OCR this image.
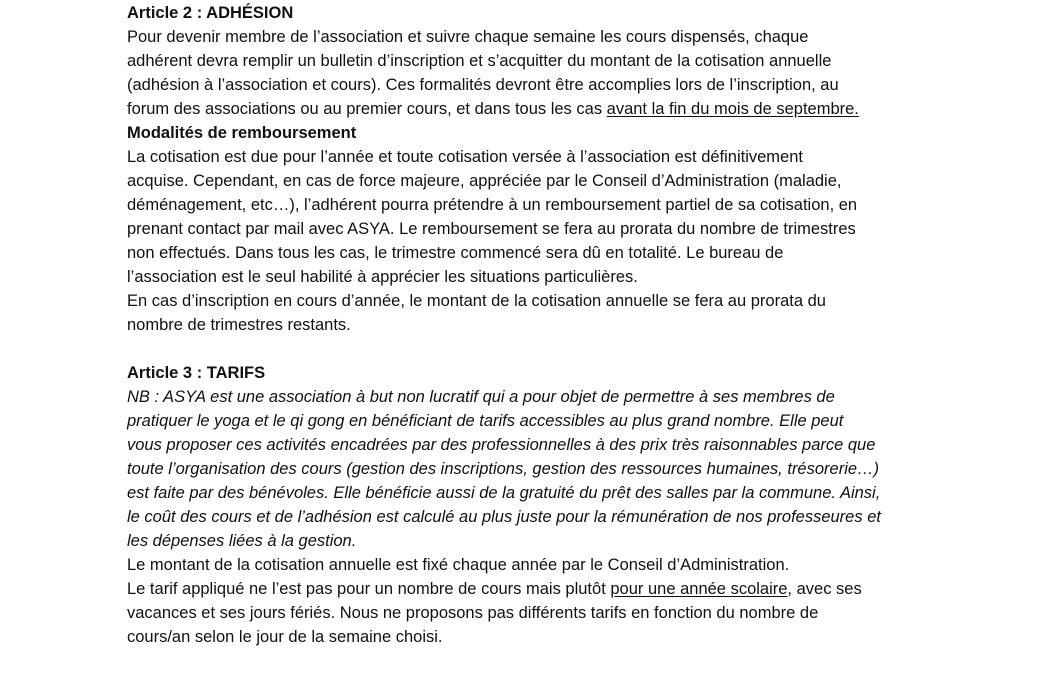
Article 2 : ADHÉSION
Pour devenir membre de l’association et suivre chaque semaine les cours dispensés, chaque
adhérent devra remplir un bulletin d’inscription et s’acquitter du montant de la cotisation annuelle
(adhésion à l’association et cours). Ces formalités devront être accomplies lors de l’inscription, au
forum des associations ou au premier cours, et dans tous les cas avant la fin du mois de septembre.
Modalités de remboursement
La cotisation est due pour l’année et toute cotisation versée à l’association est définitivement
acquise. Cependant, en cas de force majeure, appréciée par le Conseil d’Administration (maladie,
déménagement, etc…), l’adhérent pourra prétendre à un remboursement partiel de sa cotisation, en
prenant contact par mail avec ASYA. Le remboursement se fera au prorata du nombre de trimestres
non effectués. Dans tous les cas, le trimestre commencé sera dû en totalité. Le bureau de
l’association est le seul habilité à apprécier les situations particulières.
En cas d’inscription en cours d’année, le montant de la cotisation annuelle se fera au prorata du
nombre de trimestres restants.
Article 3 : TARIFS
NB : ASYA est une association à but non lucratif qui a pour objet de permettre à ses membres de
pratiquer le yoga et le qi gong en bénéficiant de tarifs accessibles au plus grand nombre. Elle peut
vous proposer ces activités encadrées par des professionnelles à des prix très raisonnables parce que
toute l’organisation des cours (gestion des inscriptions, gestion des ressources humaines, trésorerie…)
est faite par des bénévoles. Elle bénéficie aussi de la gratuité du prêt des salles par la commune. Ainsi,
le coût des cours et de l’adhésion est calculé au plus juste pour la rémunération de nos professeures et
les dépenses liées à la gestion.
Le montant de la cotisation annuelle est fixé chaque année par le Conseil d’Administration.
Le tarif appliqué ne l’est pas pour un nombre de cours mais plutôt pour une année scolaire, avec ses
vacances et ses jours fériés. Nous ne proposons pas différents tarifs en fonction du nombre de
cours/an selon le jour de la semaine choisi.
